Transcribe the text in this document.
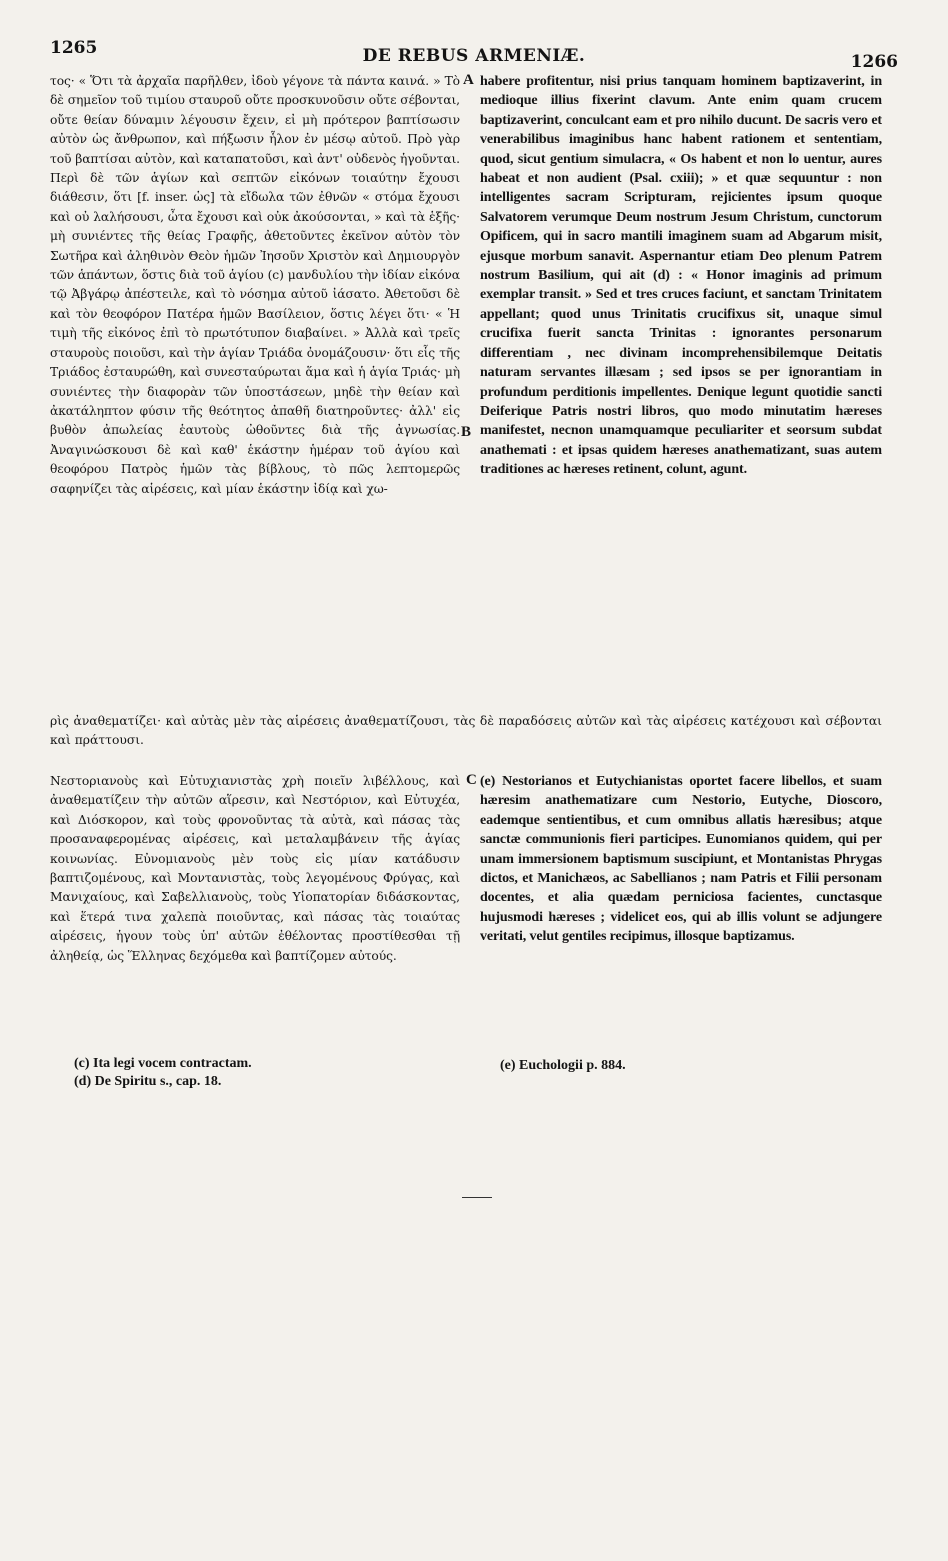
1265	DE REBUS ARMENIÆ.	1266
A
B
C

τος· « Ὅτι τὰ ἀρχαῖα παρῆλθεν, ἰδοὺ γέγονε τὰ πάντα καινά. » Τὸ δὲ σημεῖον τοῦ τιμίου σταυροῦ οὔτε προσκυνοῦσιν οὔτε σέβονται, οὔτε θείαν δύναμιν λέγουσιν ἔχειν, εἰ μὴ πρότερον βαπτίσωσιν αὐτὸν ὡς ἄνθρωπον, καὶ πήξωσιν ἧλον ἐν μέσῳ αὐτοῦ. Πρὸ γὰρ τοῦ βαπτίσαι αὐτὸν, καὶ καταπατοῦσι, καὶ ἀντ' οὐδενὸς ἡγοῦνται. Περὶ δὲ τῶν ἁγίων καὶ σεπτῶν εἰκόνων τοιαύτην ἔχουσι διάθεσιν, ὅτι [f. inser. ὡς] τὰ εἴδωλα τῶν ἐθνῶν « στόμα ἔχουσι καὶ οὐ λαλήσουσι, ὦτα ἔχουσι καὶ οὐκ ἀκούσονται, » καὶ τὰ ἑξῆς· μὴ συνιέντες τῆς θείας Γραφῆς, ἀθετοῦντες ἐκεῖνον αὐτὸν τὸν Σωτῆρα καὶ ἀληθινὸν Θεὸν ἡμῶν Ἰησοῦν Χριστὸν καὶ Δημιουργὸν τῶν ἁπάντων, ὅστις διὰ τοῦ ἁγίου (c) μανδυλίου τὴν ἰδίαν εἰκόνα τῷ Ἀβγάρῳ ἀπέστειλε, καὶ τὸ νόσημα αὐτοῦ ἰάσατο. Ἀθετοῦσι δὲ καὶ τὸν θεοφόρον Πατέρα ἡμῶν Βασίλειον, ὅστις λέγει ὅτι· « Ἡ τιμὴ τῆς εἰκόνος ἐπὶ τὸ πρωτότυπον διαβαίνει. » Ἀλλὰ καὶ τρεῖς σταυροὺς ποιοῦσι, καὶ τὴν ἁγίαν Τριάδα ὀνομάζουσιν· ὅτι εἷς τῆς Τριάδος ἐσταυρώθη, καὶ συνεσταύρωται ἅμα καὶ ἡ ἁγία Τριάς· μὴ συνιέντες τὴν διαφορὰν τῶν ὑποστάσεων, μηδὲ τὴν θείαν καὶ ἀκατάληπτον φύσιν τῆς θεότητος ἀπαθῆ διατηροῦντες· ἀλλ' εἰς βυθὸν ἀπωλείας ἑαυτοὺς ὠθοῦντες διὰ τῆς ἀγνωσίας. Ἀναγινώσκουσι δὲ καὶ καθ' ἑκάστην ἡμέραν τοῦ ἁγίου καὶ θεοφόρου Πατρὸς ἡμῶν τὰς βίβλους, τὸ πῶς λεπτομερῶς σαφηνίζει τὰς αἱρέσεις, καὶ μίαν ἑκάστην ἰδίᾳ καὶ χω-

habere profitentur, nisi prius tanquam hominem baptizaverint, in medioque illius fixerint clavum. Ante enim quam crucem baptizaverint, conculcant eam et pro nihilo ducunt. De sacris vero et venerabilibus imaginibus hanc habent rationem et sententiam, quod, sicut gentium simulacra, « Os habent et non lo uentur, aures habeat et non audient (Psal. cxiii); » et quæ sequuntur : non intelligentes sacram Scripturam, rejicientes ipsum quoque Salvatorem verumque Deum nostrum Jesum Christum, cunctorum Opificem, qui in sacro mantili imaginem suam ad Abgarum misit, ejusque morbum sanavit. Aspernantur etiam Deo plenum Patrem nostrum Basilium, qui ait (d) : « Honor imaginis ad primum exemplar transit. » Sed et tres cruces faciunt, et sanctam Trinitatem appellant; quod unus Trinitatis crucifixus sit, unaque simul crucifixa fuerit sancta Trinitas : ignorantes personarum differentiam , nec divinam incomprehensibilemque Deitatis naturam servantes illæsam ; sed ipsos se per ignorantiam in profundum perditionis impellentes. Denique legunt quotidie sancti Deiferique Patris nostri libros, quo modo minutatim hæreses manifestet, necnon unamquamque peculiariter et seorsum subdat anathemati : et ipsas quidem hæreses anathematizant, suas autem traditiones ac hæreses retinent, colunt, agunt.

ρὶς ἀναθεματίζει· καὶ αὐτὰς μὲν τὰς αἱρέσεις ἀναθεματίζουσι, τὰς δὲ παραδόσεις αὐτῶν καὶ τὰς αἱρέσεις κατέχουσι καὶ σέβονται καὶ πράττουσι.

Νεστοριανοὺς καὶ Εὐτυχιανιστὰς χρὴ ποιεῖν λιβέλλους, καὶ ἀναθεματίζειν τὴν αὐτῶν αἵρεσιν, καὶ Νεστόριον, καὶ Εὐτυχέα, καὶ Διόσκορον, καὶ τοὺς φρονοῦντας τὰ αὐτὰ, καὶ πάσας τὰς προσαναφερομένας αἱρέσεις, καὶ μεταλαμβάνειν τῆς ἁγίας κοινωνίας. Εὐνομιανοὺς μὲν τοὺς εἰς μίαν κατάδυσιν βαπτιζομένους, καὶ Μοντανιστὰς, τοὺς λεγομένους Φρύγας, καὶ Μανιχαίους, καὶ Σαβελλιανοὺς, τοὺς Υἱοπατορίαν διδάσκοντας, καὶ ἕτερά τινα χαλεπὰ ποιοῦντας, καὶ πάσας τὰς τοιαύτας αἱρέσεις, ἡγουν τοὺς ὑπ' αὐτῶν ἐθέλοντας προστίθεσθαι τῇ ἀληθείᾳ, ὡς Ἕλληνας δεχόμεθα καὶ βαπτίζομεν αὐτούς.

(e) Nestorianos et Eutychianistas oportet facere libellos, et suam hæresim anathematizare cum Nestorio, Eutyche, Dioscoro, eademque sentientibus, et cum omnibus allatis hæresibus; atque sanctæ communionis fieri participes. Eunomianos quidem, qui per unam immersionem baptismum suscipiunt, et Montanistas Phrygas dictos, et Manichæos, ac Sabellianos ; nam Patris et Filii personam docentes, et alia quædam perniciosa facientes, cunctasque hujusmodi hæreses ; videlicet eos, qui ab illis volunt se adjungere veritati, velut gentiles recipimus, illosque baptizamus.

(c) Ita legi vocem contractam.
(d) De Spiritu s., cap. 18.
(e) Euchologii p. 884.
